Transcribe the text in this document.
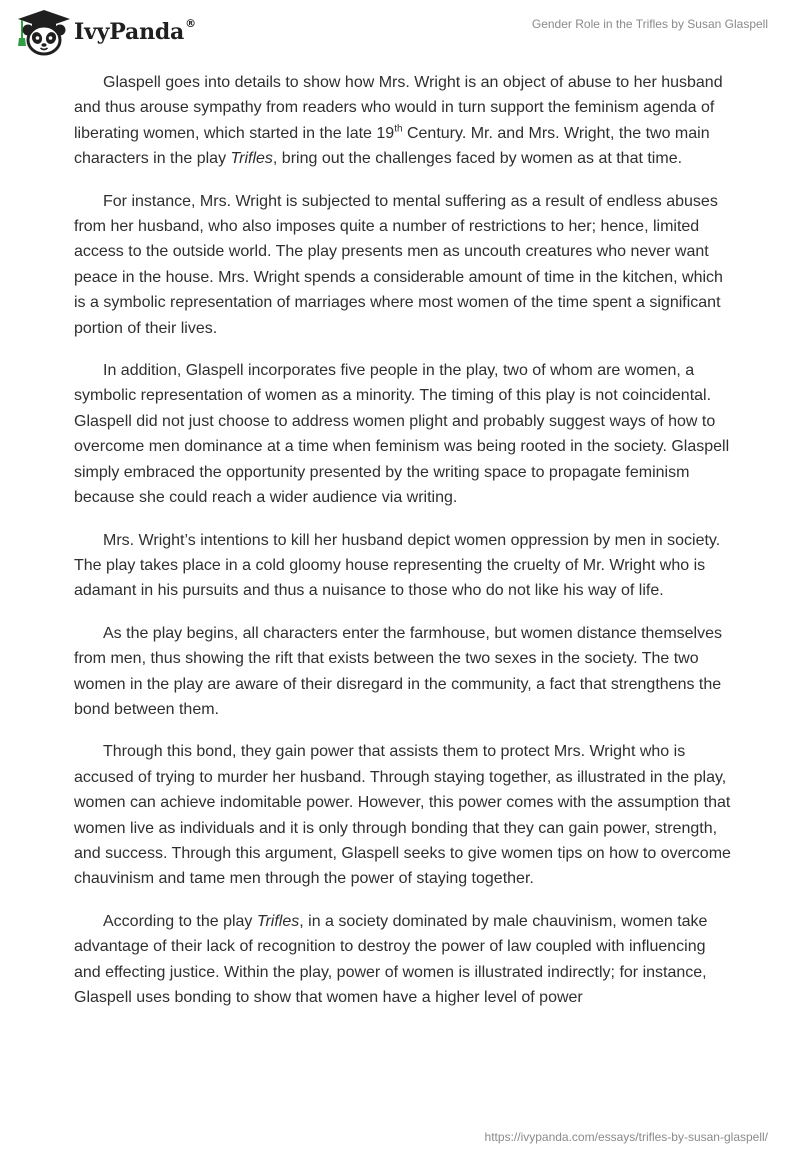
IvyPanda ®	Gender Role in the Trifles by Susan Glaspell

Glaspell goes into details to show how Mrs. Wright is an object of abuse to her husband and thus arouse sympathy from readers who would in turn support the feminism agenda of liberating women, which started in the late 19th Century. Mr. and Mrs. Wright, the two main characters in the play Trifles, bring out the challenges faced by women as at that time.

For instance, Mrs. Wright is subjected to mental suffering as a result of endless abuses from her husband, who also imposes quite a number of restrictions to her; hence, limited access to the outside world. The play presents men as uncouth creatures who never want peace in the house. Mrs. Wright spends a considerable amount of time in the kitchen, which is a symbolic representation of marriages where most women of the time spent a significant portion of their lives.

In addition, Glaspell incorporates five people in the play, two of whom are women, a symbolic representation of women as a minority. The timing of this play is not coincidental. Glaspell did not just choose to address women plight and probably suggest ways of how to overcome men dominance at a time when feminism was being rooted in the society. Glaspell simply embraced the opportunity presented by the writing space to propagate feminism because she could reach a wider audience via writing.

Mrs. Wright’s intentions to kill her husband depict women oppression by men in society. The play takes place in a cold gloomy house representing the cruelty of Mr. Wright who is adamant in his pursuits and thus a nuisance to those who do not like his way of life.

As the play begins, all characters enter the farmhouse, but women distance themselves from men, thus showing the rift that exists between the two sexes in the society. The two women in the play are aware of their disregard in the community, a fact that strengthens the bond between them.

Through this bond, they gain power that assists them to protect Mrs. Wright who is accused of trying to murder her husband. Through staying together, as illustrated in the play, women can achieve indomitable power. However, this power comes with the assumption that women live as individuals and it is only through bonding that they can gain power, strength, and success. Through this argument, Glaspell seeks to give women tips on how to overcome chauvinism and tame men through the power of staying together.

According to the play Trifles, in a society dominated by male chauvinism, women take advantage of their lack of recognition to destroy the power of law coupled with influencing and effecting justice. Within the play, power of women is illustrated indirectly; for instance, Glaspell uses bonding to show that women have a higher level of power

https://ivypanda.com/essays/trifles-by-susan-glaspell/
